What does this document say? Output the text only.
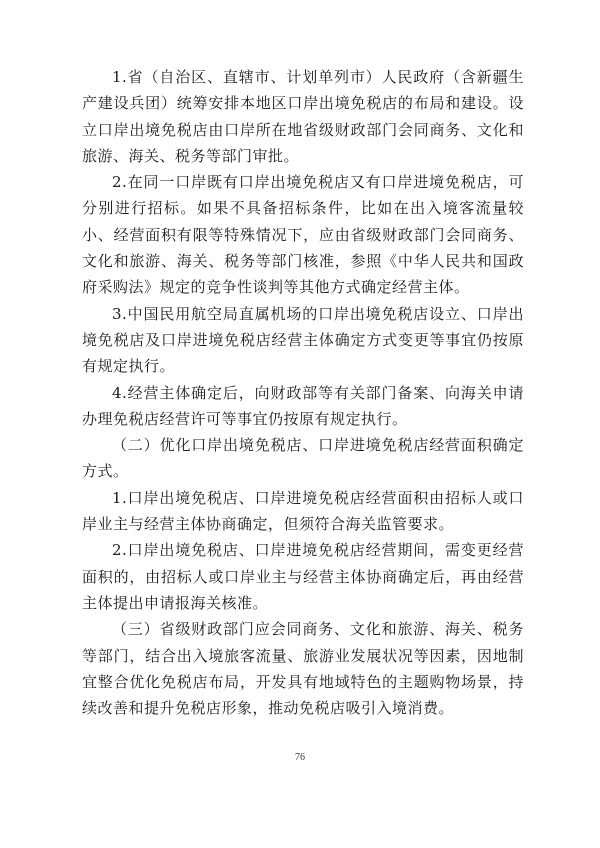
1.省（自治区、直辖市、计划单列市）人民政府（含新疆生产建设兵团）统筹安排本地区口岸出境免税店的布局和建设。设立口岸出境免税店由口岸所在地省级财政部门会同商务、文化和旅游、海关、税务等部门审批。

2.在同一口岸既有口岸出境免税店又有口岸进境免税店，可分别进行招标。如果不具备招标条件，比如在出入境客流量较小、经营面积有限等特殊情况下，应由省级财政部门会同商务、文化和旅游、海关、税务等部门核准，参照《中华人民共和国政府采购法》规定的竞争性谈判等其他方式确定经营主体。

3.中国民用航空局直属机场的口岸出境免税店设立、口岸出境免税店及口岸进境免税店经营主体确定方式变更等事宜仍按原有规定执行。

4.经营主体确定后，向财政部等有关部门备案、向海关申请办理免税店经营许可等事宜仍按原有规定执行。

（二）优化口岸出境免税店、口岸进境免税店经营面积确定方式。

1.口岸出境免税店、口岸进境免税店经营面积由招标人或口岸业主与经营主体协商确定，但须符合海关监管要求。

2.口岸出境免税店、口岸进境免税店经营期间，需变更经营面积的，由招标人或口岸业主与经营主体协商确定后，再由经营主体提出申请报海关核准。

（三）省级财政部门应会同商务、文化和旅游、海关、税务等部门，结合出入境旅客流量、旅游业发展状况等因素，因地制宜整合优化免税店布局，开发具有地域特色的主题购物场景，持续改善和提升免税店形象，推动免税店吸引入境消费。

76
